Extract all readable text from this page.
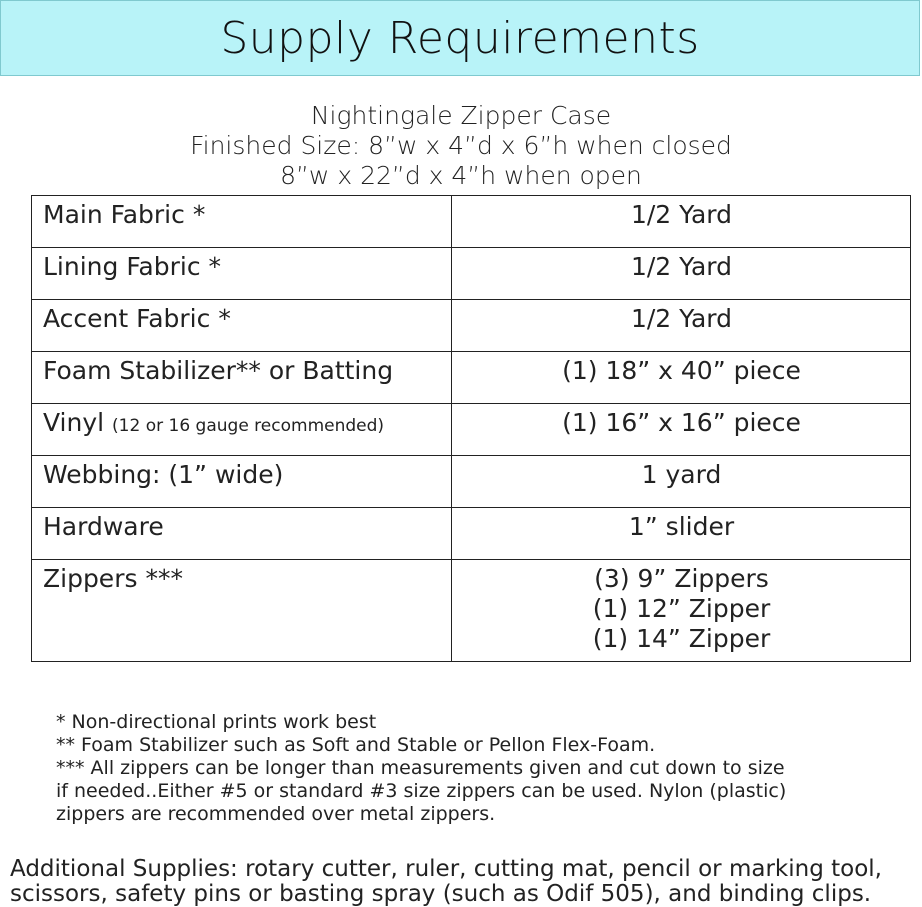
Supply Requirements
Nightingale Zipper Case
Finished Size: 8”w x 4”d x 6”h when closed
8”w x 22”d x 4”h when open
Main Fabric *	1/2 Yard

Lining Fabric *	1/2 Yard

Accent Fabric *	1/2 Yard

Foam Stabilizer** or Batting	(1) 18” x 40” piece

Vinyl (12 or 16 gauge recommended)	(1) 16” x 16” piece

Webbing: (1” wide)	1 yard

Hardware	1” slider

Zippers ***	(3) 9” Zippers
(1) 12” Zipper
(1) 14” Zipper

* Non-directional prints work best

** Foam Stabilizer such as Soft and Stable or Pellon Flex-Foam.

*** All zippers can be longer than measurements given and cut down to size

if needed..Either #5 or standard #3 size zippers can be used. Nylon (plastic)

zippers are recommended over metal zippers.

Additional Supplies: rotary cutter, ruler, cutting mat, pencil or marking tool,

scissors, safety pins or basting spray (such as Odif 505), and binding clips.
